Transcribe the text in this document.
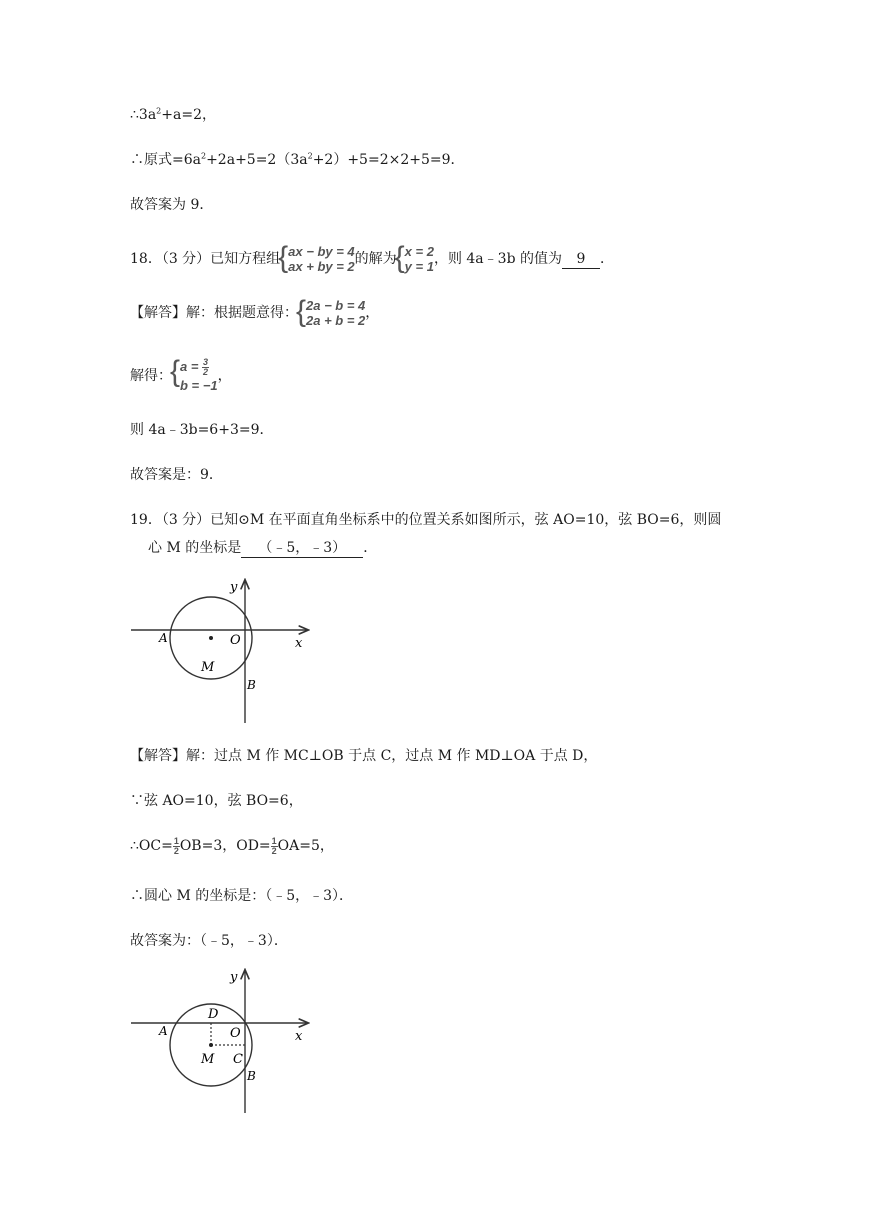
$\therefore 3a^2+a=2$，
∴原式$=6a^2+2a+5=2(3a^2+2)+5=2\times 2+5=9$．
故答案为 9．
18．（3 分）已知方程组 { ax − by = 4
ax + by = 2的解为 { x = 2
y = 1，则 4a﹣3b 的值为 9 ．
【解答】解：根据题意得： { 2a − b = 4
2a + b = 2，
解得：{ $a = \frac{3}{2}$

b = −1，
则 4a﹣3b=6+3=9．
故答案是：9．
19．（3 分）已知⊙M 在平面直角坐标系中的位置关系如图所示，弦 AO=10，弦 BO=6，则圆
心 M 的坐标是 （﹣5，﹣3） ．
y
x
O
A
M
B
【解答】解：过点 M 作 MC⊥OB 于点 C，过点 M 作 MD⊥OA 于点 D，
∵弦 AO=10，弦 BO=6，
∴OC= $\frac{1}{2} OB=3$，$OD= \frac{1}{2} OA=5$，
∴圆心 M 的坐标是：（﹣5，﹣3）．
故答案为：（﹣5，﹣3）．
y
x
D
O
A
M C
B
